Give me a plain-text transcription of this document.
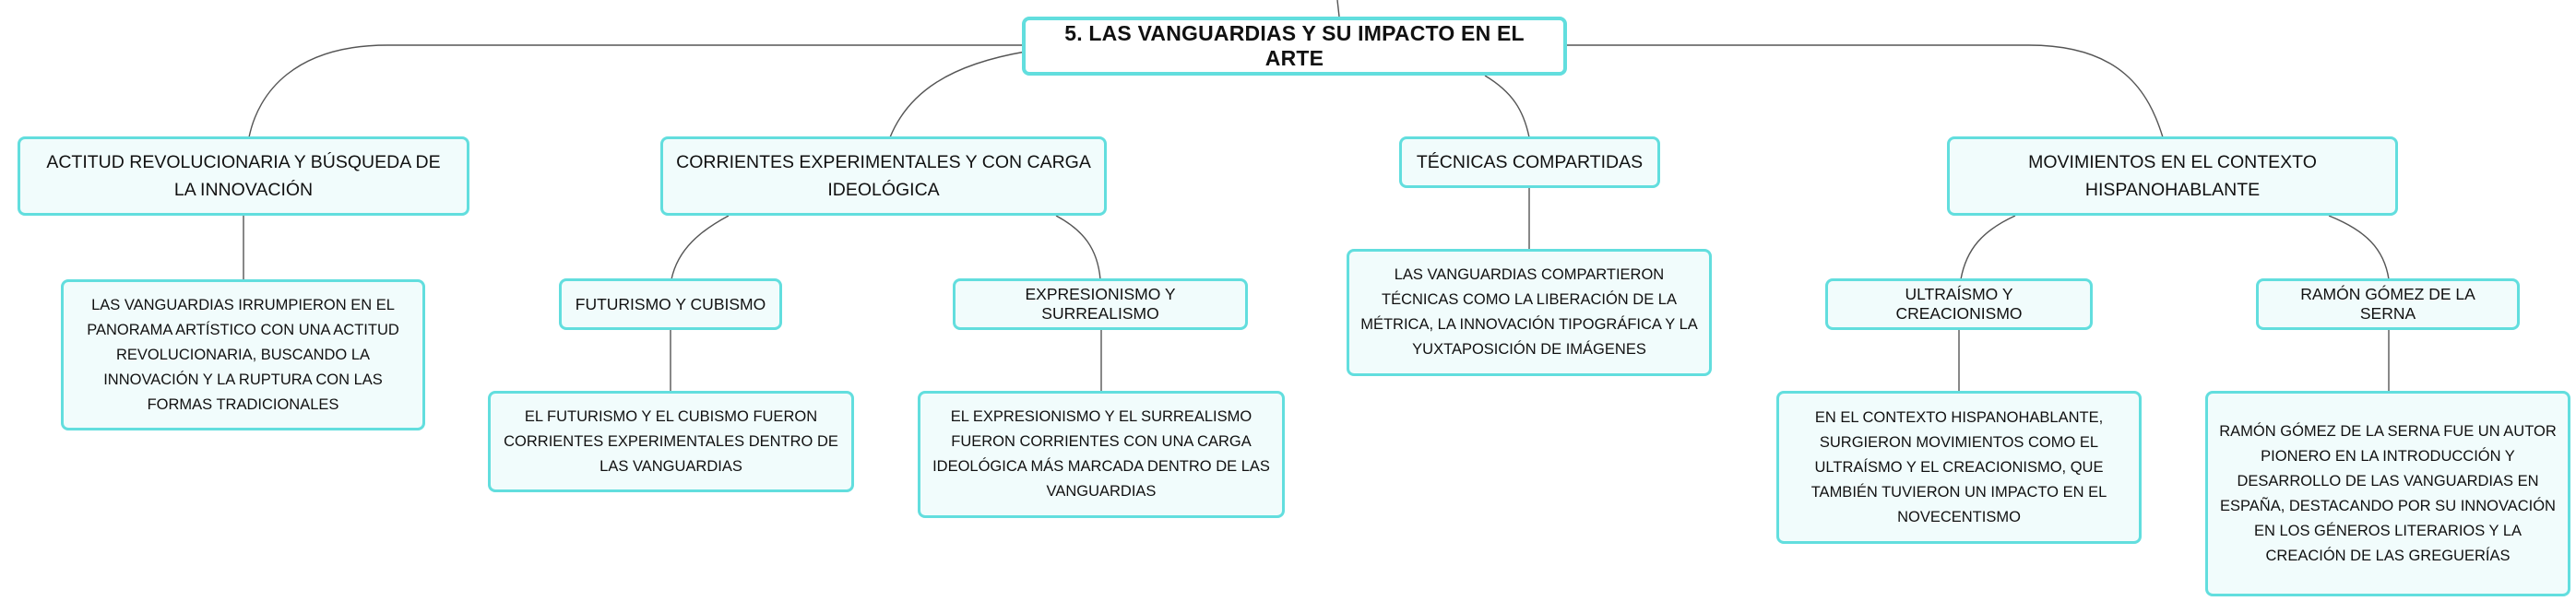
5. LAS VANGUARDIAS Y SU IMPACTO EN EL ARTE
ACTITUD REVOLUCIONARIA Y BÚSQUEDA DE LA INNOVACIÓN
LAS VANGUARDIAS IRRUMPIERON EN EL PANORAMA ARTÍSTICO CON UNA ACTITUD REVOLUCIONARIA, BUSCANDO LA INNOVACIÓN Y LA RUPTURA CON LAS FORMAS TRADICIONALES
CORRIENTES EXPERIMENTALES Y CON CARGA IDEOLÓGICA
FUTURISMO Y CUBISMO
EL FUTURISMO Y EL CUBISMO FUERON CORRIENTES EXPERIMENTALES DENTRO DE LAS VANGUARDIAS
EXPRESIONISMO Y SURREALISMO
EL EXPRESIONISMO Y EL SURREALISMO FUERON CORRIENTES CON UNA CARGA IDEOLÓGICA MÁS MARCADA DENTRO DE LAS VANGUARDIAS
TÉCNICAS COMPARTIDAS
LAS VANGUARDIAS COMPARTIERON TÉCNICAS COMO LA LIBERACIÓN DE LA MÉTRICA, LA INNOVACIÓN TIPOGRÁFICA Y LA YUXTAPOSICIÓN DE IMÁGENES
MOVIMIENTOS EN EL CONTEXTO HISPANOHABLANTE
ULTRAÍSMO Y CREACIONISMO
EN EL CONTEXTO HISPANOHABLANTE, SURGIERON MOVIMIENTOS COMO EL ULTRAÍSMO Y EL CREACIONISMO, QUE TAMBIÉN TUVIERON UN IMPACTO EN EL NOVECENTISMO
RAMÓN GÓMEZ DE LA SERNA
RAMÓN GÓMEZ DE LA SERNA FUE UN AUTOR PIONERO EN LA INTRODUCCIÓN Y DESARROLLO DE LAS VANGUARDIAS EN ESPAÑA, DESTACANDO POR SU INNOVACIÓN EN LOS GÉNEROS LITERARIOS Y LA CREACIÓN DE LAS GREGUERÍAS
